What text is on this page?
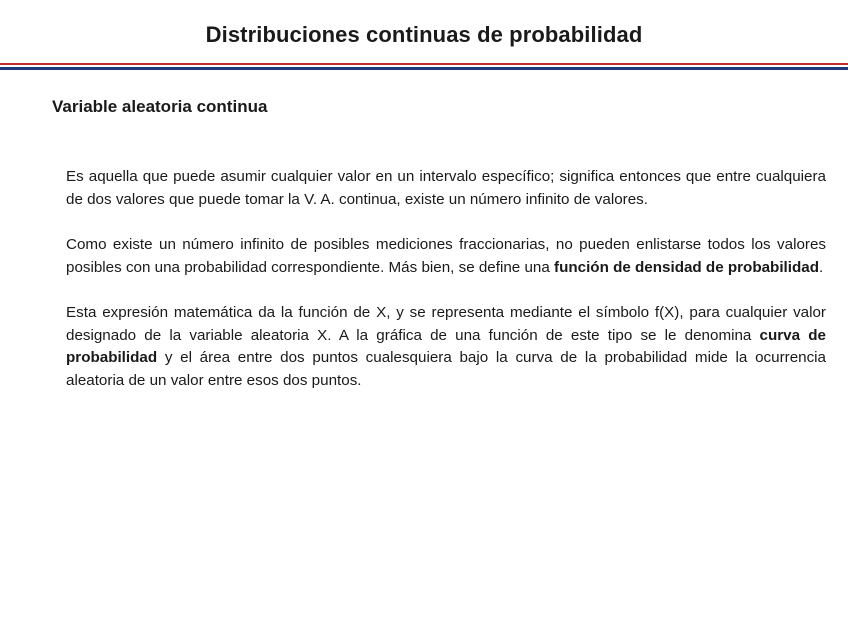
Distribuciones continuas de probabilidad
Variable aleatoria continua

Es aquella que puede asumir cualquier valor en un intervalo específico; significa entonces que entre cualquiera de dos valores que puede tomar la V. A. continua, existe un número infinito de valores.

Como existe un número infinito de posibles mediciones fraccionarias, no pueden enlistarse todos los valores posibles con una probabilidad correspondiente. Más bien, se define una función de densidad de probabilidad.

Esta expresión matemática da la función de X, y se representa mediante el símbolo f(X), para cualquier valor designado de la variable aleatoria X. A la gráfica de una función de este tipo se le denomina curva de probabilidad y el área entre dos puntos cualesquiera bajo la curva de la probabilidad mide la ocurrencia aleatoria de un valor entre esos dos puntos.
